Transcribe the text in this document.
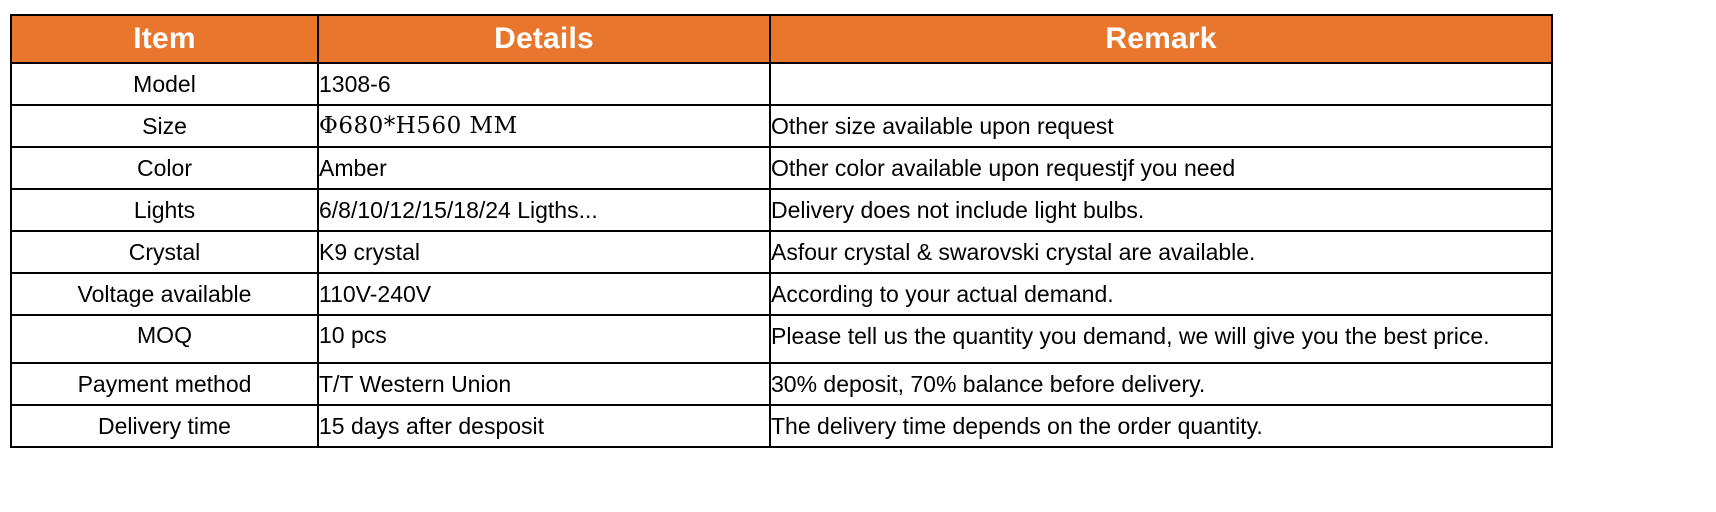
Item	Details	Remark
Model	1308-6	
Size	Φ680*H560 MM	Other size available upon request
Color	Amber	Other color available upon requestjf you need
Lights	6/8/10/12/15/18/24 Ligths...	Delivery does not include light bulbs.
Crystal	K9 crystal	Asfour crystal & swarovski crystal are available.
Voltage available	110V-240V	According to your actual demand.
MOQ	10 pcs	Please tell us the quantity you demand, we will give you the best price.
Payment method	T/T Western Union	30% deposit, 70% balance before delivery.
Delivery time	15 days after desposit	The delivery time depends on the order quantity.
